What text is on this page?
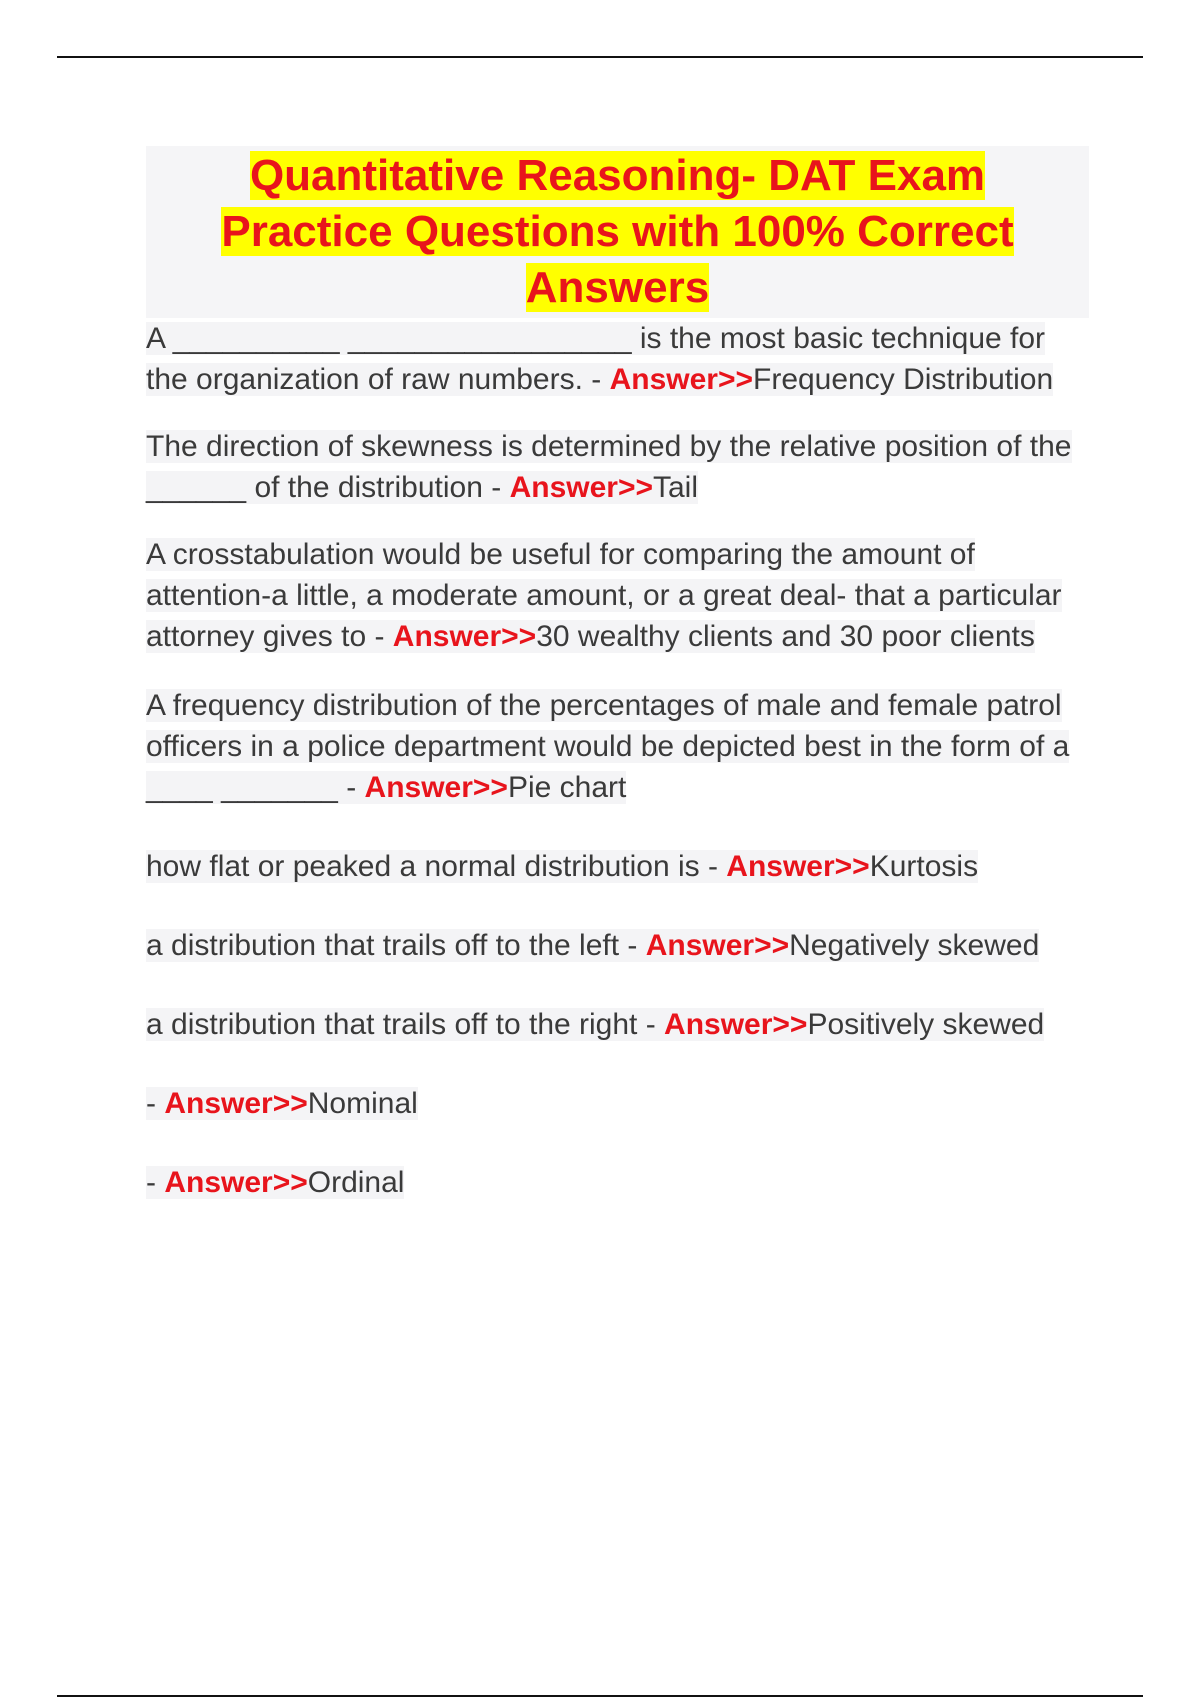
Quantitative Reasoning- DAT Exam
Practice Questions with 100% Correct
Answers

A __________ _________________ is the most basic technique for the organization of raw numbers. - Answer>>Frequency Distribution

The direction of skewness is determined by the relative position of the ______ of the distribution - Answer>>Tail

A crosstabulation would be useful for comparing the amount of attention-a little, a moderate amount, or a great deal- that a particular attorney gives to - Answer>>30 wealthy clients and 30 poor clients

A frequency distribution of the percentages of male and female patrol officers in a police department would be depicted best in the form of a ____ _______ - Answer>>Pie chart

how flat or peaked a normal distribution is - Answer>>Kurtosis

a distribution that trails off to the left - Answer>>Negatively skewed

a distribution that trails off to the right - Answer>>Positively skewed

- Answer>>Nominal

- Answer>>Ordinal
